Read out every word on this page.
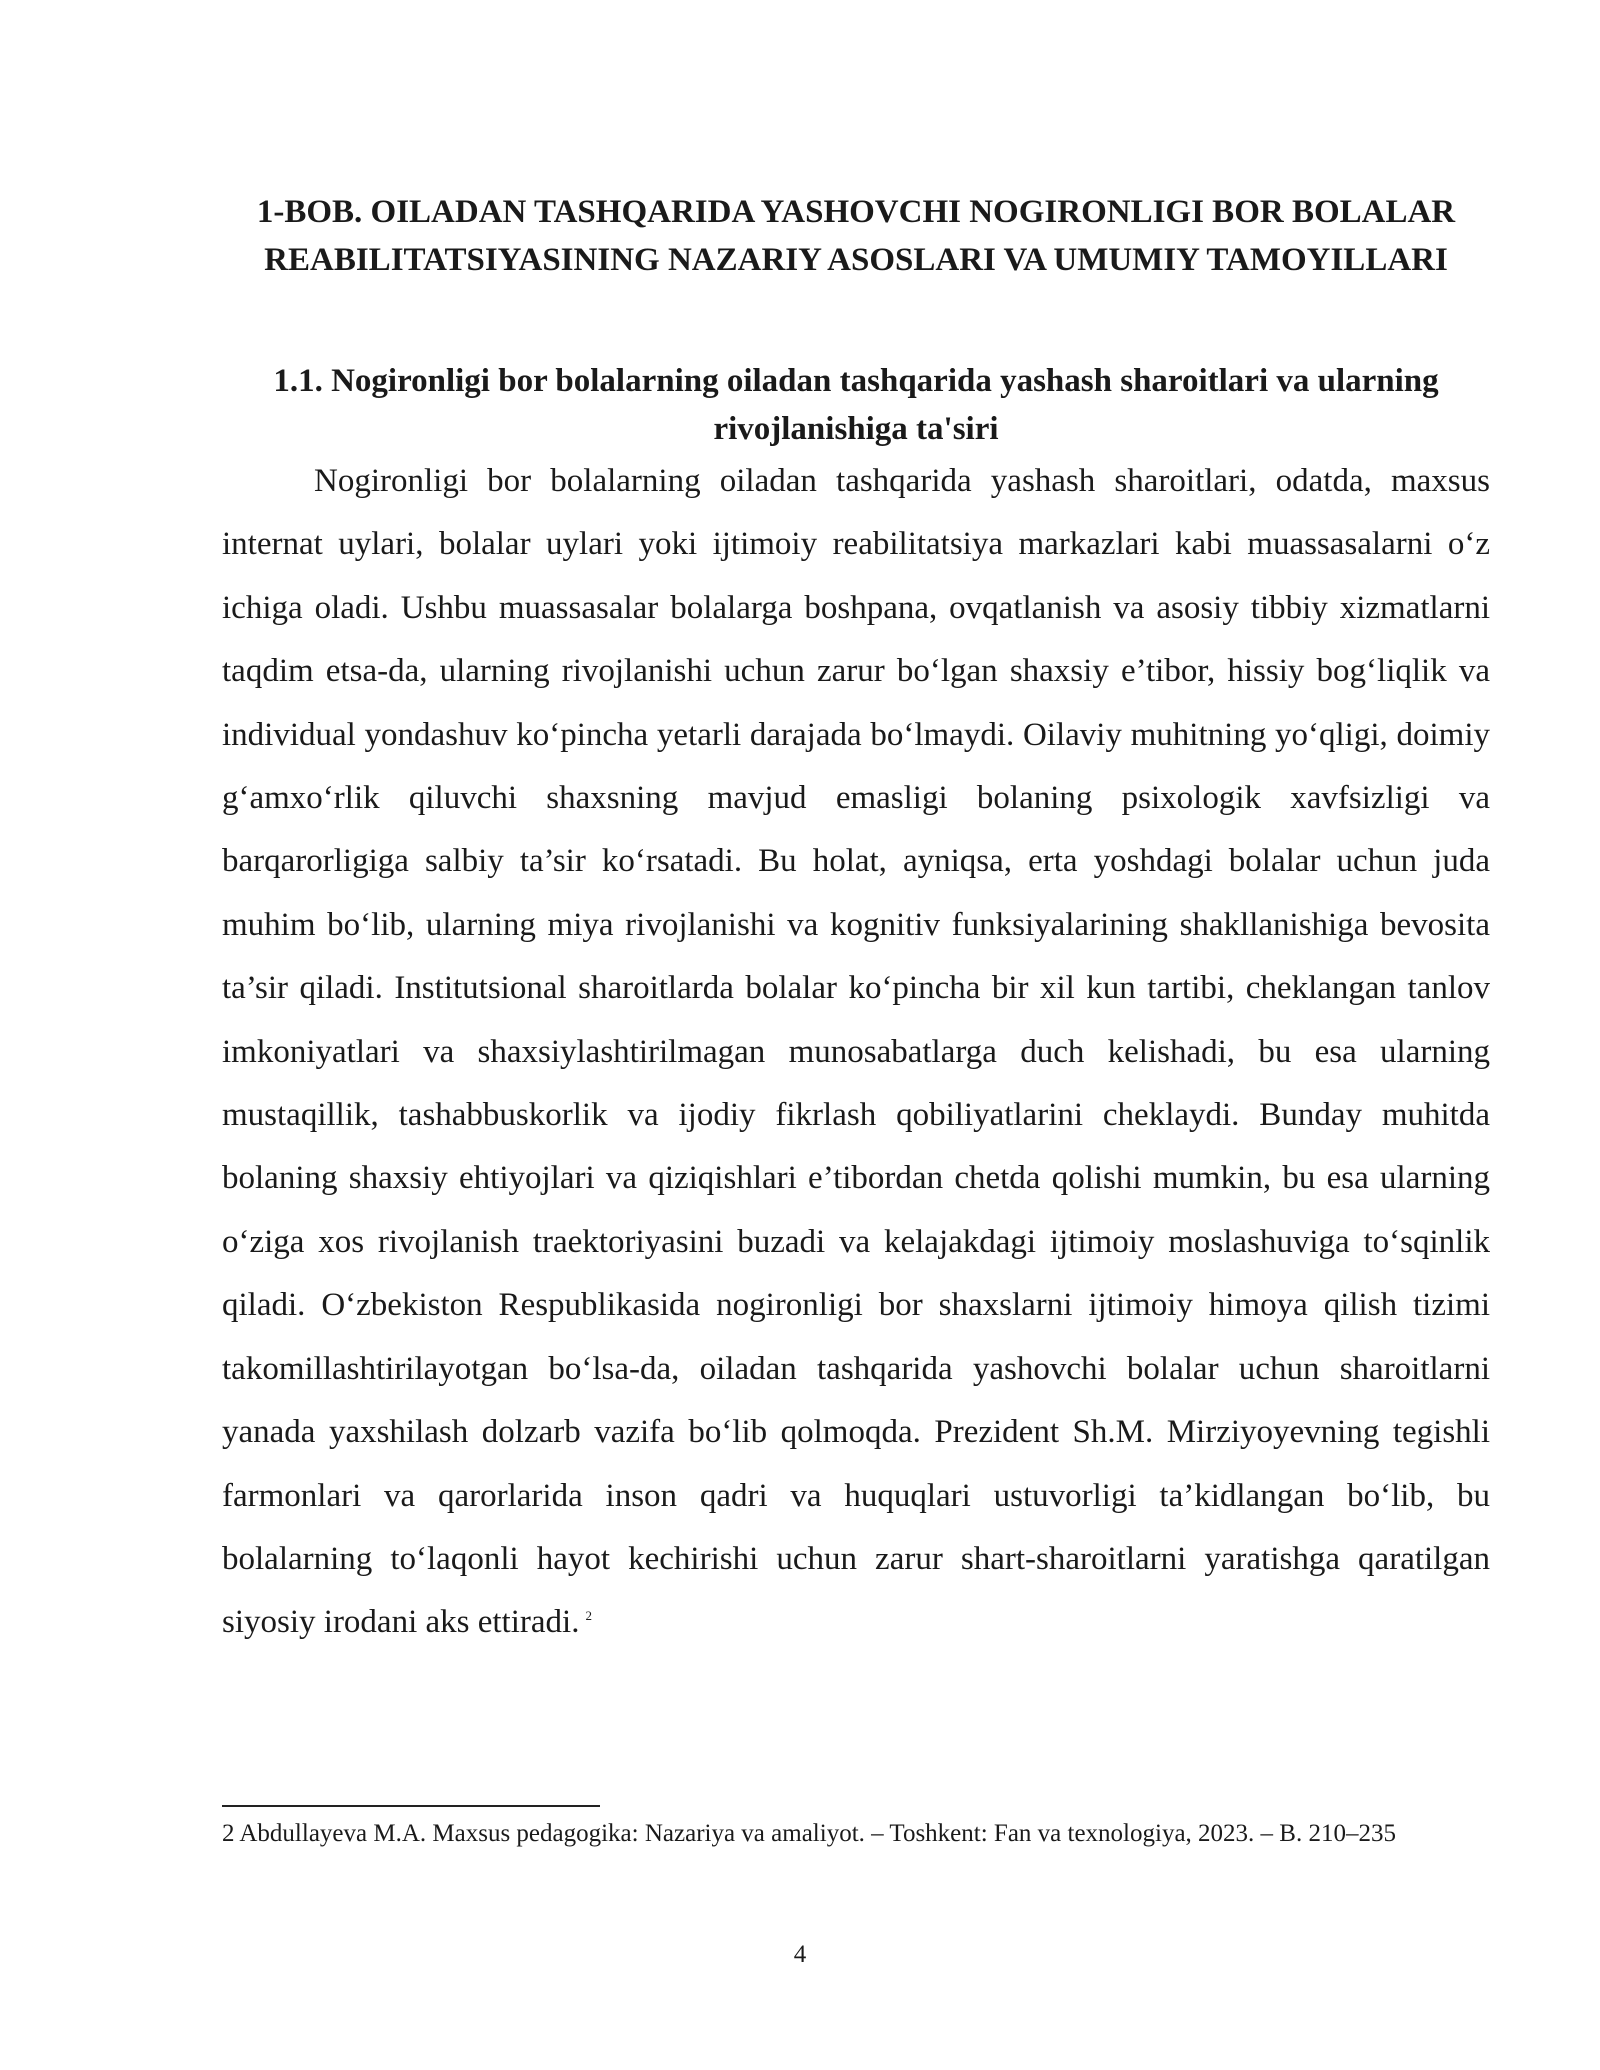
1-BOB. OILADAN TASHQARIDA YASHOVCHI NOGIRONLIGI BOR BOLALAR REABILITATSIYASINING NAZARIY ASOSLARI VA UMUMIY TAMOYILLARI
1.1. Nogironligi bor bolalarning oiladan tashqarida yashash sharoitlari va ularning rivojlanishiga ta'siri

Nogironligi bor bolalarning oiladan tashqarida yashash sharoitlari, odatda, maxsus internat uylari, bolalar uylari yoki ijtimoiy reabilitatsiya markazlari kabi muassasalarni o‘z ichiga oladi. Ushbu muassasalar bolalarga boshpana, ovqatlanish va asosiy tibbiy xizmatlarni taqdim etsa-da, ularning rivojlanishi uchun zarur bo‘lgan shaxsiy e’tibor, hissiy bog‘liqlik va individual yondashuv ko‘pincha yetarli darajada bo‘lmaydi. Oilaviy muhitning yo‘qligi, doimiy g‘amxo‘rlik qiluvchi shaxsning mavjud emasligi bolaning psixologik xavfsizligi va barqarorligiga salbiy ta’sir ko‘rsatadi. Bu holat, ayniqsa, erta yoshdagi bolalar uchun juda muhim bo‘lib, ularning miya rivojlanishi va kognitiv funksiyalarining shakllanishiga bevosita ta’sir qiladi. Institutsional sharoitlarda bolalar ko‘pincha bir xil kun tartibi, cheklangan tanlov imkoniyatlari va shaxsiylashtirilmagan munosabatlarga duch kelishadi, bu esa ularning mustaqillik, tashabbuskorlik va ijodiy fikrlash qobiliyatlarini cheklaydi. Bunday muhitda bolaning shaxsiy ehtiyojlari va qiziqishlari e’tibordan chetda qolishi mumkin, bu esa ularning o‘ziga xos rivojlanish traektoriyasini buzadi va kelajakdagi ijtimoiy moslashuviga to‘sqinlik qiladi. O‘zbekiston Respublikasida nogironligi bor shaxslarni ijtimoiy himoya qilish tizimi takomillashtirilayotgan bo‘lsa-da, oiladan tashqarida yashovchi bolalar uchun sharoitlarni yanada yaxshilash dolzarb vazifa bo‘lib qolmoqda. Prezident Sh.M. Mirziyoyevning tegishli farmonlari va qarorlarida inson qadri va huquqlari ustuvorligi ta’kidlangan bo‘lib, bu bolalarning to‘laqonli hayot kechirishi uchun zarur shart-sharoitlarni yaratishga qaratilgan siyosiy irodani aks ettiradi. $^2$

2 Abdullayeva M.A. Maxsus pedagogika: Nazariya va amaliyot. – Toshkent: Fan va texnologiya, 2023. – B. 210–235

4
